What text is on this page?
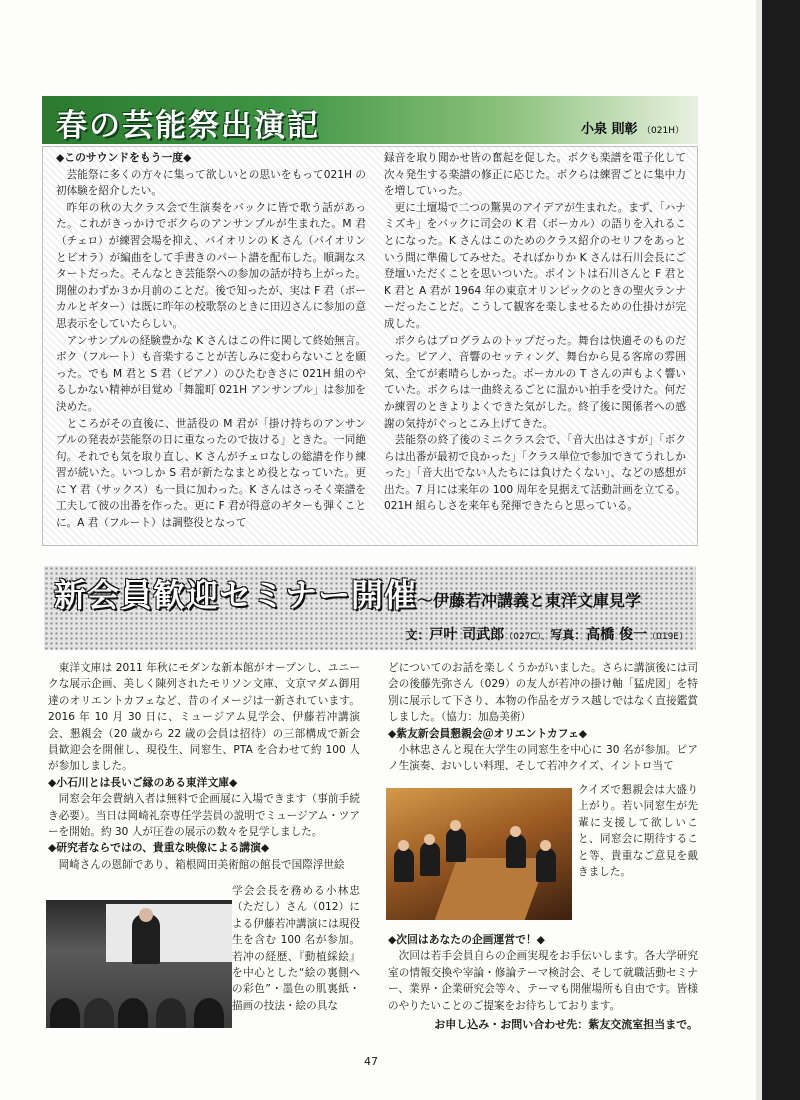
春の芸能祭出演記	小泉 則彰 （021H）
◆このサウンドをもう一度◆

芸能祭に多くの方々に集って欲しいとの思いをもって021H の初体験を紹介したい。

昨年の秋の大クラス会で生演奏をバックに皆で歌う話があった。これがきっかけでボクらのアンサンブルが生まれた。M 君（チェロ）が練習会場を抑え、バイオリンの K さん（バイオリンとビオラ）が編曲をして手書きのパート譜を配布した。順調なスタートだった。そんなとき芸能祭への参加の話が持ち上がった。開催のわずか３か月前のことだ。後で知ったが、実は F 君（ボーカルとギター）は既に昨年の校歌祭のときに田辺さんに参加の意思表示をしていたらしい。

アンサンブルの経験豊かな K さんはこの件に関して終始無言。ボク（フルート）も音楽することが苦しみに変わらないことを願った。でも M 君と S 君（ピアノ）のひたむきさに 021H 組のやるしかない精神が目覚め「舞籠町 021H アンサンブル」は参加を決めた。

ところがその直後に、世話役の M 君が「掛け持ちのアンサンブルの発表が芸能祭の日に重なったので抜ける」ときた。一同絶句。それでも気を取り直し、K さんがチェロなしの総譜を作り練習が続いた。いつしか S 君が新たなまとめ役となっていた。更に Y 君（サックス）も一員に加わった。K さんはさっそく楽譜を工夫して彼の出番を作った。更に F 君が得意のギターも弾くことに。A 君（フルート）は調整役となって

録音を取り聞かせ皆の奮起を促した。ボクも楽譜を電子化して次々発生する楽譜の修正に応じた。ボクらは練習ごとに集中力を増していった。

更に土壇場で二つの驚異のアイデアが生まれた。まず、「ハナミズキ」をバックに司会の K 君（ボーカル）の語りを入れることになった。K さんはこのためのクラス紹介のセリフをあっという間に準備してみせた。そればかりか K さんは石川会長にご登壇いただくことを思いついた。ポイントは石川さんと F 君と K 君と A 君が 1964 年の東京オリンピックのときの聖火ランナーだったことだ。こうして観客を楽しませるための仕掛けが完成した。

ボクらはプログラムのトップだった。舞台は快適そのものだった。ピアノ、音響のセッティング、舞台から見る客席の雰囲気、全てが素晴らしかった。ボーカルの T さんの声もよく響いていた。ボクらは一曲終えるごとに温かい拍手を受けた。何だか練習のときよりよくできた気がした。終了後に関係者への感謝の気持がぐっとこみ上げてきた。

芸能祭の終了後のミニクラス会で、「音大出はさすが」「ボクらは出番が最初で良かった」「クラス単位で参加できてうれしかった」「音大出でない人たちには負けたくない」、などの感想が出た。7 月には来年の 100 周年を見据えて活動計画を立てる。021H 組らしさを来年も発揮できたらと思っている。

新会員歓迎セミナー開催〜伊藤若冲講義と東洋文庫見学
文：戸叶 司武郎（027C）、写真：高橋 俊一（019E）

東洋文庫は 2011 年秋にモダンな新本館がオープンし、ユニークな展示企画、美しく陳列されたモリソン文庫、文京マダム御用達のオリエントカフェなど、昔のイメージは一新されています。2016 年 10 月 30 日に、ミュージアム見学会、伊藤若冲講演会、懇親会（20 歳から 22 歳の会員は招待）の三部構成で新会員歓迎会を開催し、現役生、同窓生、PTA を合わせて約 100 人が参加しました。

◆小石川とは長いご縁のある東洋文庫◆

同窓会年会費納入者は無料で企画展に入場できます（事前手続き必要）。当日は岡崎礼奈専任学芸員の説明でミュージアム・ツアーを開始。約 30 人が圧巻の展示の数々を見学しました。

◆研究者ならではの、貴重な映像による講演◆

岡崎さんの恩師であり、箱根岡田美術館の館長で国際浮世絵

学会会長を務める小林忠（ただし）さん（012）による伊藤若冲講演には現役生を含む 100 名が参加。若冲の経歴、『動植綵絵』を中心とした“絵の裏側への彩色”・墨色の肌裏紙・描画の技法・絵の具な

どについてのお話を楽しくうかがいました。さらに講演後には司会の後藤先弥さん（029）の友人が若冲の掛け軸「猛虎図」を特別に展示して下さり、本物の作品をガラス越しではなく直接鑑賞しました。（協力：加島美術）

◆紫友新会員懇親会＠オリエントカフェ◆

小林忠さんと現在大学生の同窓生を中心に 30 名が参加。ピアノ生演奏、おいしい料理、そして若冲クイズ、イントロ当て

クイズで懇親会は大盛り上がり。若い同窓生が先輩に支援して欲しいこと、同窓会に期待すること等、貴重なご意見を戴きました。
◆次回はあなたの企画運営で！◆

次回は若手会員自らの企画実現をお手伝いします。各大学研究室の情報交換や宰論・修論テーマ検討会、そして就職活動セミナー、業界・企業研究会等々、テーマも開催場所も自由です。皆様のやりたいことのご提案をお待ちしております。

お申し込み・お問い合わせ先：紫友交流室担当まで。
47
